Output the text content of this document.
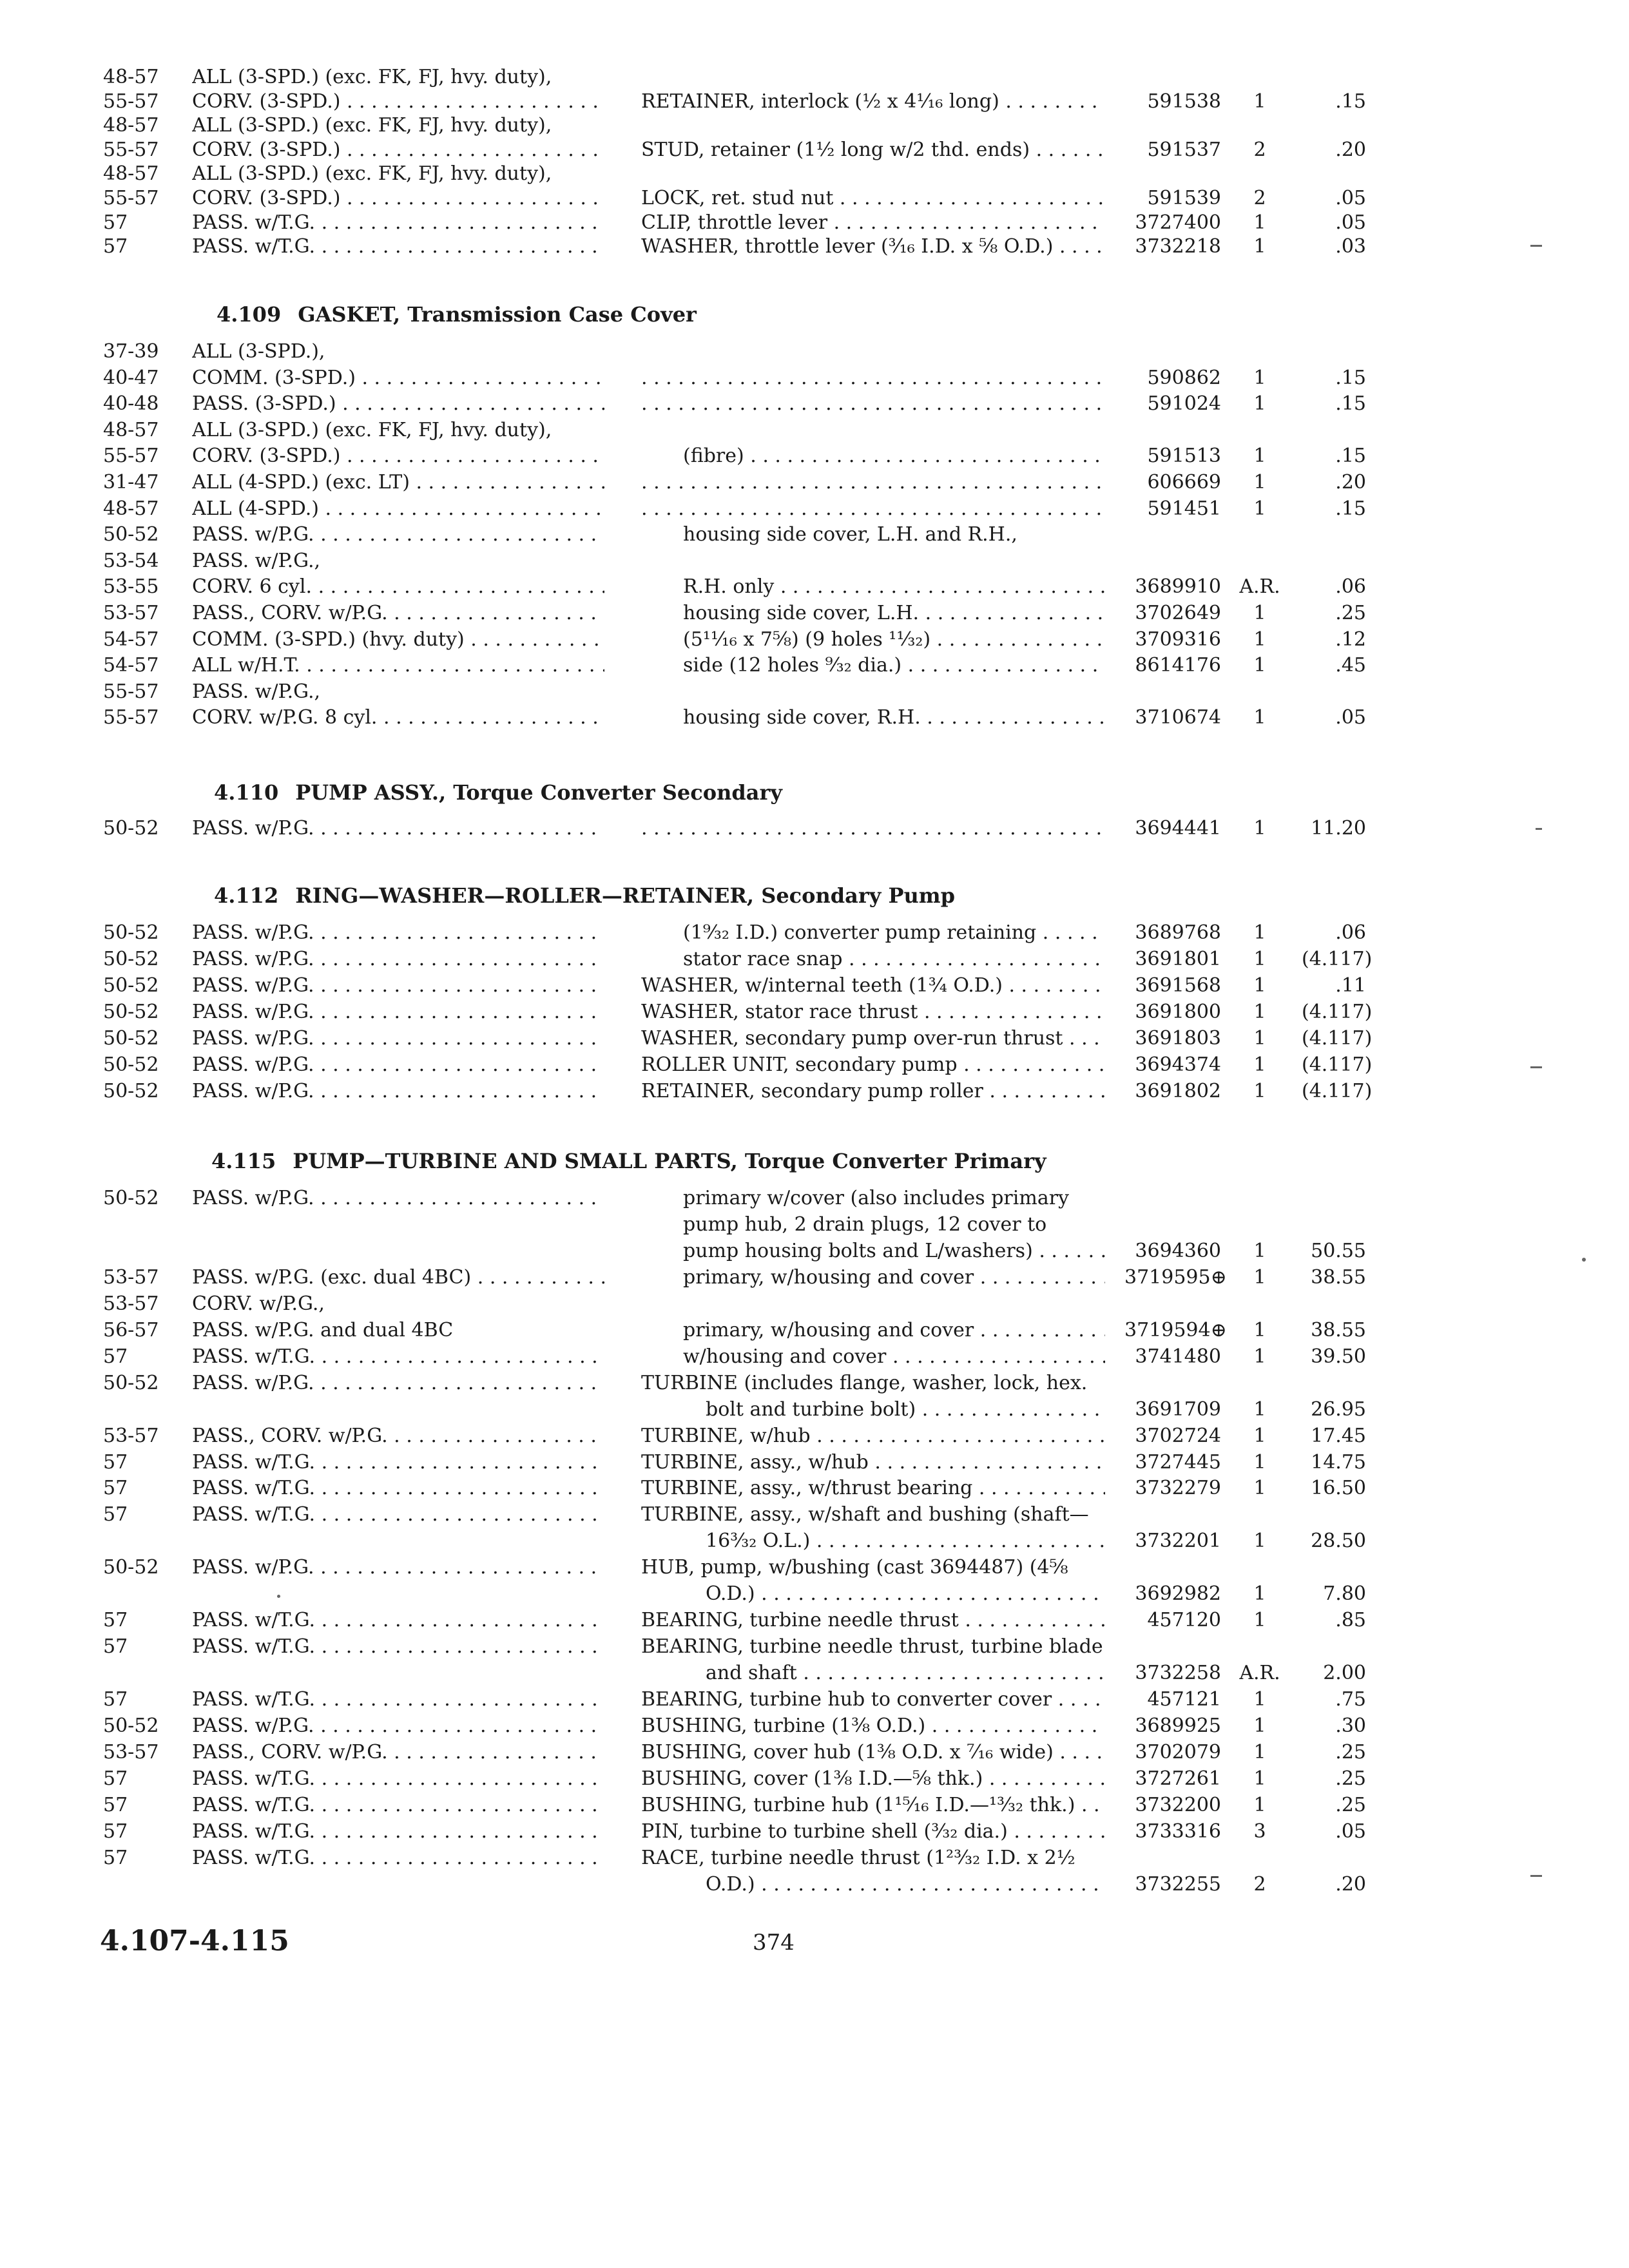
48-57 ALL (3-SPD.) (exc. FK, FJ, hvy. duty),
55-57 CORV. (3-SPD.) . . .	RETAINER, interlock (½ x 4⅟₁₆ long) . . .	591538	1	.15
48-57 ALL (3-SPD.) (exc. FK, FJ, hvy. duty),
55-57 CORV. (3-SPD.) . . .	STUD, retainer (1½ long w/2 thd. ends) . . .	591537	2	.20
48-57 ALL (3-SPD.) (exc. FK, FJ, hvy. duty),
55-57 CORV. (3-SPD.) . . .	LOCK, ret. stud nut . . .	591539	2	.05
57	PASS. w/T.G. . . .	CLIP, throttle lever . . .	3727400	1	.05
57	PASS. w/T.G. . . .	WASHER, throttle lever (³⁄₁₆ I.D. x ⅝ O.D.) . . .	3732218	1	.03
4.109 GASKET, Transmission Case Cover
37-39 ALL (3-SPD.),
40-47 COMM. (3-SPD.) . . . . . .	590862	1	.15
40-48 PASS. (3-SPD.) . . . . . .	591024	1	.15
48-57 ALL (3-SPD.) (exc. FK, FJ, hvy. duty),
55-57 CORV. (3-SPD.) . . .	(fibre) . . .	591513	1	.15
31-47 ALL (4-SPD.) (exc. LT) . . . . . .	606669	1	.20
48-57 ALL (4-SPD.) . . . . . .	591451	1	.15
50-52 PASS. w/P.G. . . .	housing side cover, L.H. and R.H.,
53-54 PASS. w/P.G.,
53-55 CORV. 6 cyl. . . .	R.H. only . . .	3689910 A.R.	.06
53-57 PASS., CORV. w/P.G. . . .	housing side cover, L.H. . . .	3702649	1	.25
54-57 COMM. (3-SPD.) (hvy. duty) . . .	(5¹¹⁄₁₆ x 7⅝) (9 holes ¹¹⁄₃₂) . . .	3709316	1	.12
54-57 ALL w/H.T. . . .	side (12 holes ⁹⁄₃₂ dia.) . . .	8614176	1	.45
55-57 PASS. w/P.G.,
55-57 CORV. w/P.G. 8 cyl. . . .	housing side cover, R.H. . . .	3710674	1	.05
4.110 PUMP ASSY., Torque Converter Secondary
50-52 PASS. w/P.G. . . . . . .	3694441	1	11.20
4.112 RING—WASHER—ROLLER—RETAINER, Secondary Pump
50-52 PASS. w/P.G. . . .	(1⁹⁄₃₂ I.D.) converter pump retaining . . .	3689768	1	.06
50-52 PASS. w/P.G. . . .	stator race snap . . .	3691801	1	(4.117)
50-52 PASS. w/P.G. . . .	WASHER, w/internal teeth (1¾ O.D.) . . .	3691568	1	.11
50-52 PASS. w/P.G. . . .	WASHER, stator race thrust . . .	3691800	1	(4.117)
50-52 PASS. w/P.G. . . .	WASHER, secondary pump over-run thrust . . .	3691803	1	(4.117)
50-52 PASS. w/P.G. . . .	ROLLER UNIT, secondary pump . . .	3694374	1	(4.117)
50-52 PASS. w/P.G. . . .	RETAINER, secondary pump roller . . .	3691802	1	(4.117)
4.115 PUMP—TURBINE AND SMALL PARTS, Torque Converter Primary
50-52 PASS. w/P.G. . . .	primary w/cover (also includes primary
pump hub, 2 drain plugs, 12 cover to
pump housing bolts and L/washers) . . .	3694360	1	50.55
53-57 PASS. w/P.G. (exc. dual 4BC) . . .	primary, w/housing and cover . . .	3719595⊕	1	38.55
53-57 CORV. w/P.G.,
56-57 PASS. w/P.G. and dual 4BC	primary, w/housing and cover . . .	3719594⊕	1	38.55
57	PASS. w/T.G. . . .	w/housing and cover . . .	3741480	1	39.50
50-52 PASS. w/P.G. . . .	TURBINE (includes flange, washer, lock, hex.
bolt and turbine bolt) . . .	3691709	1	26.95
53-57 PASS., CORV. w/P.G. . . .	TURBINE, w/hub . . .	3702724	1	17.45
57	PASS. w/T.G. . . .	TURBINE, assy., w/hub . . .	3727445	1	14.75
57	PASS. w/T.G. . . .	TURBINE, assy., w/thrust bearing . . .	3732279	1	16.50
57	PASS. w/T.G. . . .	TURBINE, assy., w/shaft and bushing (shaft—
16³⁄₃₂ O.L.) . . .	3732201	1	28.50
50-52 PASS. w/P.G. . . .	HUB, pump, w/bushing (cast 3694487) (4⅝
O.D.) . . .	3692982	1	7.80
57	PASS. w/T.G. . . .	BEARING, turbine needle thrust . . .	457120	1	.85
57	PASS. w/T.G. . . .	BEARING, turbine needle thrust, turbine blade
and shaft . . .	3732258 A.R.	2.00
57	PASS. w/T.G. . . .	BEARING, turbine hub to converter cover . . .	457121	1	.75
50-52 PASS. w/P.G. . . .	BUSHING, turbine (1⅜ O.D.) . . .	3689925	1	.30
53-57 PASS., CORV. w/P.G. . . .	BUSHING, cover hub (1⅜ O.D. x ⁷⁄₁₆ wide) . . .	3702079	1	.25
57	PASS. w/T.G. . . .	BUSHING, cover (1⅜ I.D.—⅝ thk.) . . .	3727261	1	.25
57	PASS. w/T.G. . . .	BUSHING, turbine hub (1¹⁵⁄₁₆ I.D.—¹³⁄₃₂ thk.) . . .	3732200	1	.25
57	PASS. w/T.G. . . .	PIN, turbine to turbine shell (³⁄₃₂ dia.) . . .	3733316	3	.05
57	PASS. w/T.G. . . .	RACE, turbine needle thrust (1²³⁄₃₂ I.D. x 2½
O.D.) . . .	3732255	2	.20
4.107-4.115	374
